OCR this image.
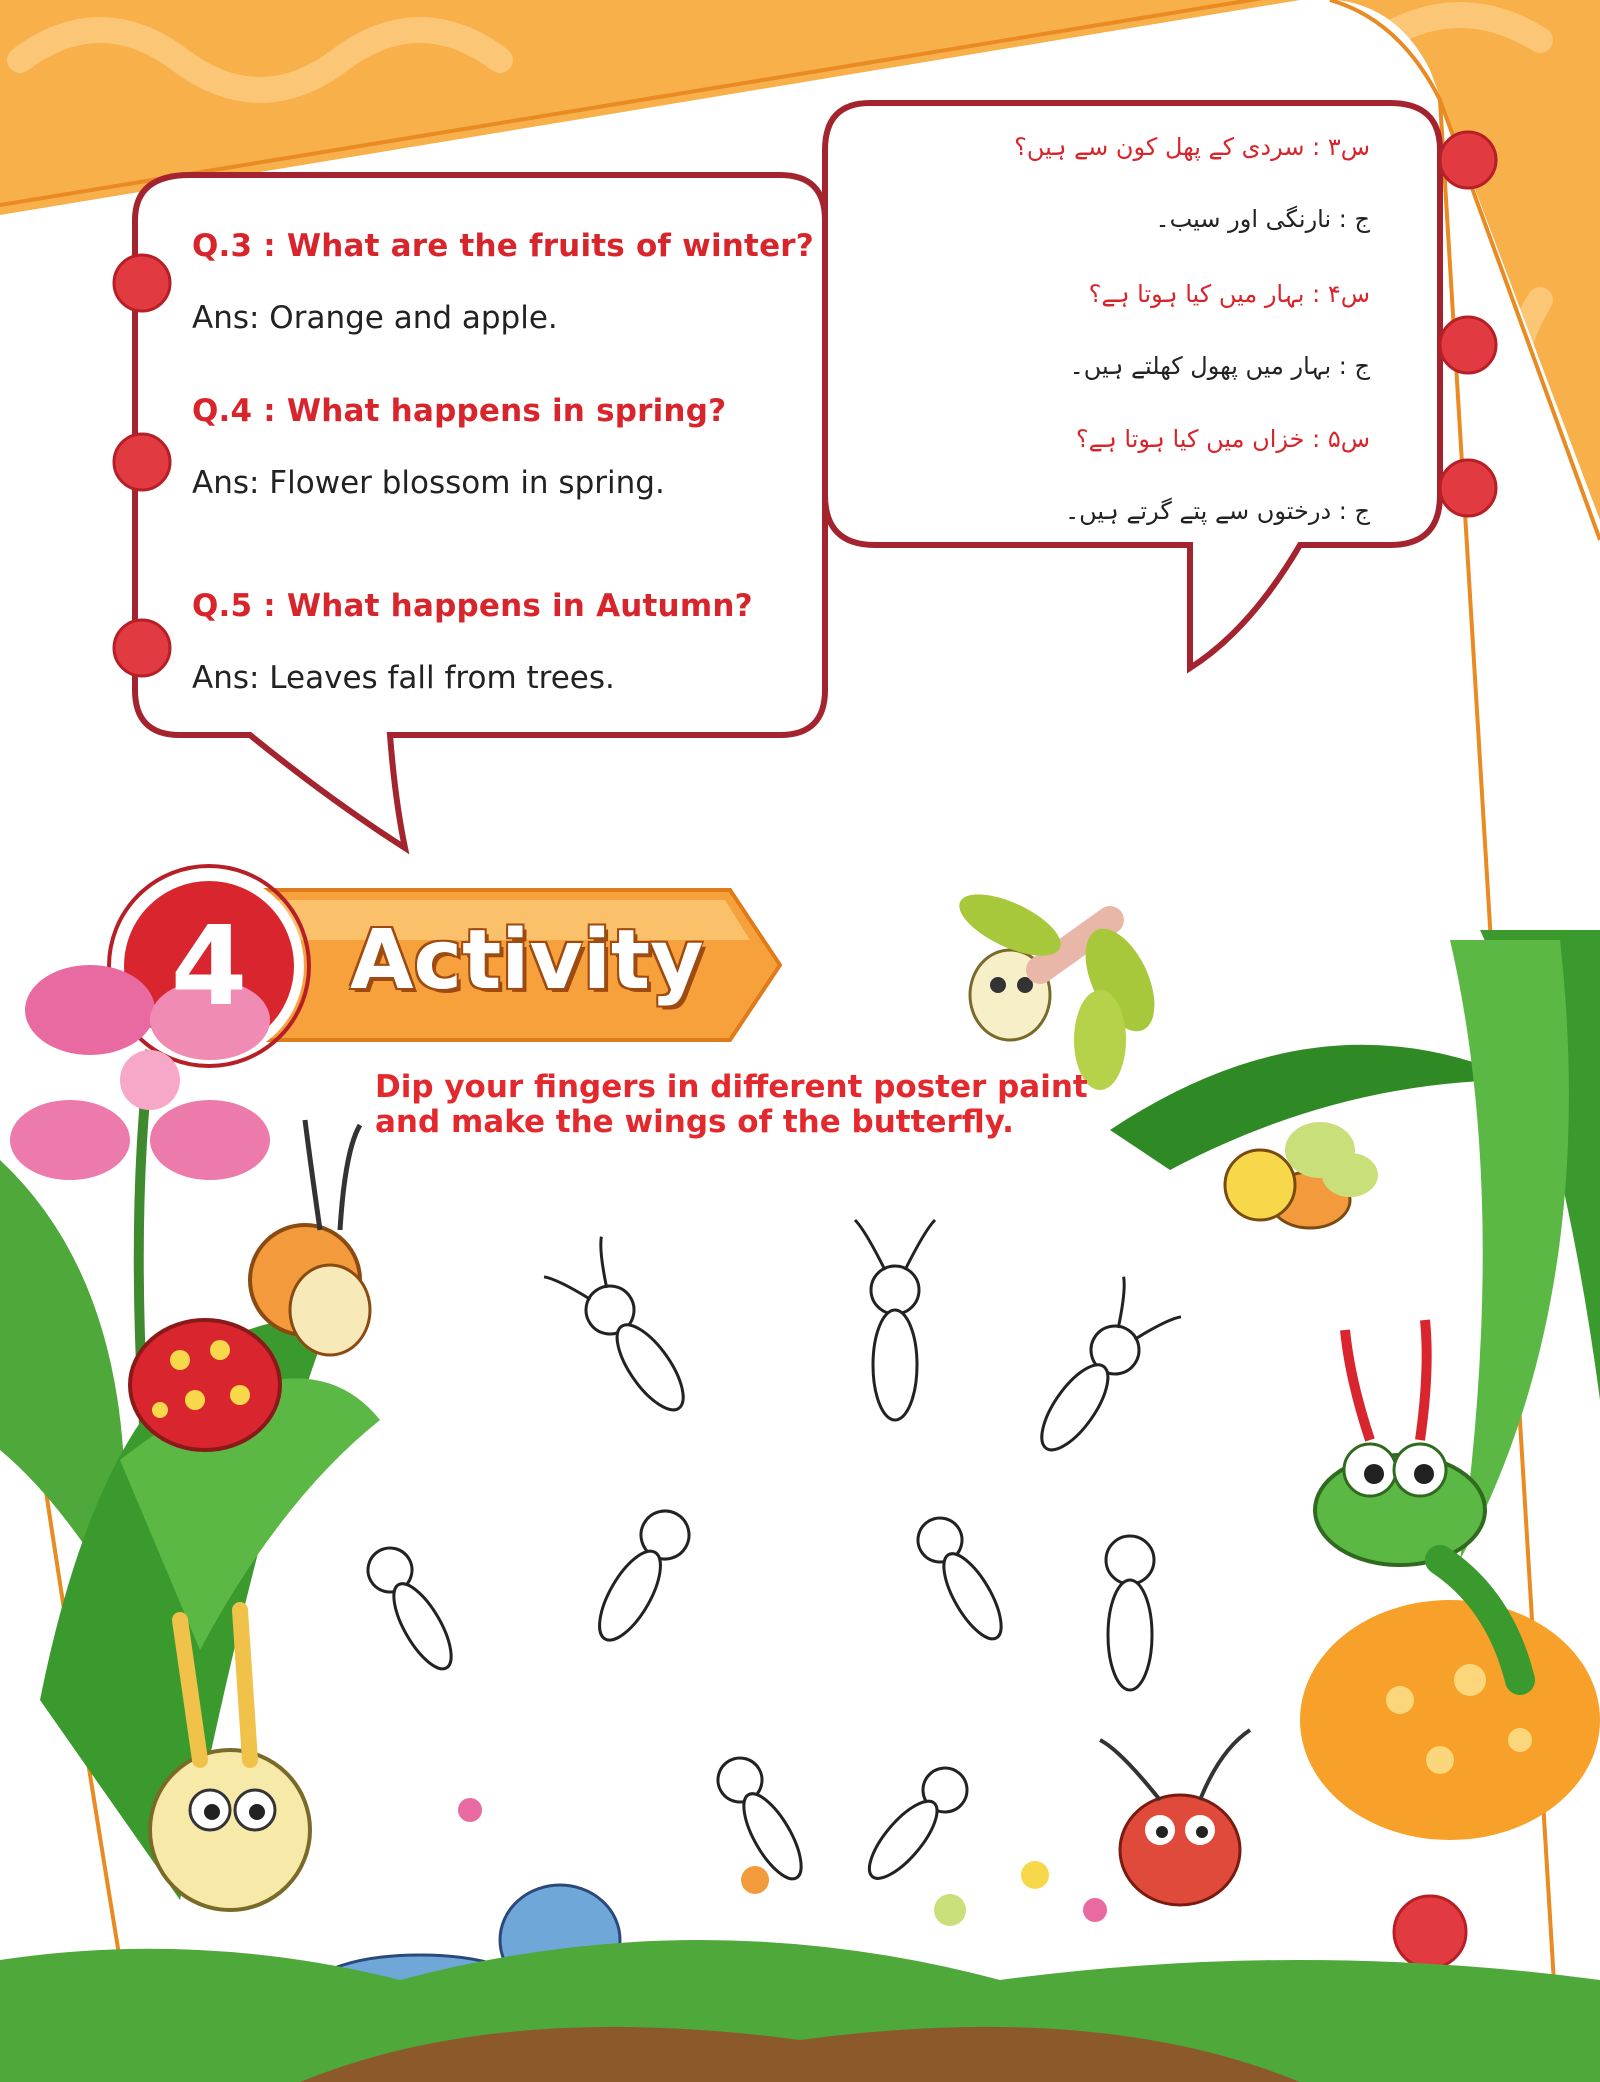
Q.3 : What are the fruits of winter?
Ans: Orange and apple.
Q.4 : What happens in spring?
Ans: Flower blossom in spring.
Q.5 : What happens in Autumn?
Ans: Leaves fall from trees.
س۳ : سردی کے پھل کون سے ہیں؟
ج : نارنگی اور سیب۔
س۴ : بہار میں کیا ہوتا ہے؟
ج : بہار میں پھول کھلتے ہیں۔
س۵ : خزاں میں کیا ہوتا ہے؟
ج : درختوں سے پتے گرتے ہیں۔
4	Activity
Dip your fingers in different poster paint
and make the wings of the butterfly.
